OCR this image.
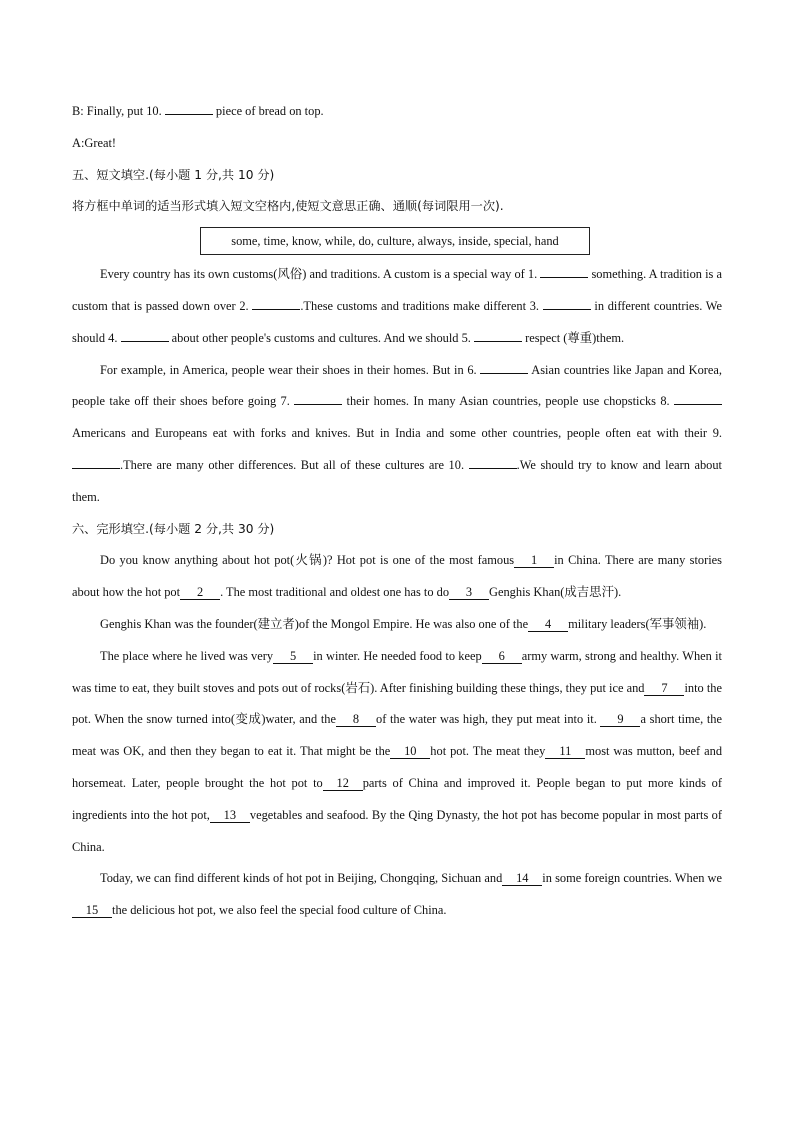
B: Finally, put 10.	piece of bread on top.

A:Great!

五、短文填空.(每小题 1 分,共 10 分)

将方框中单词的适当形式填入短文空格内,使短文意思正确、通顺(每词限用一次).

some, time, know, while, do, culture, always, inside, special, hand

Every country has its own customs(风俗) and traditions. A custom is a special way of 1.	something. A tradition is a custom that is passed down over 2.	.These customs and traditions make different 3.	in different countries. We should 4.	about other people's customs and cultures. And we should 5.	respect (尊重)them.

For example, in America, people wear their shoes in their homes. But in 6.	Asian countries like Japan and Korea, people take off their shoes before going 7.	their homes. In many Asian countries, people use chopsticks 8.  Americans and Europeans eat with forks and knives. But in India and some other countries, people often eat with their 9. .There are many other differences. But all of these cultures are 10.	.We should try to know and learn about them.

六、完形填空.(每小题 2 分,共 30 分)

Do you know anything about hot pot(火锅)? Hot pot is one of the most famous 1 in China. There are many stories about how the hot pot 2 . The most traditional and oldest one has to do 3 Genghis Khan(成吉思汗).

Genghis Khan was the founder(建立者)of the Mongol Empire. He was also one of the 4 military leaders(军事领袖).

The place where he lived was very 5 in winter. He needed food to keep 6 army warm, strong and healthy. When it was time to eat, they built stoves and pots out of rocks(岩石). After finishing building these things, they put ice and 7 into the pot. When the snow turned into(变成)water, and the 8 of the water was high, they put meat into it. 9 a short time, the meat was OK, and then they began to eat it. That might be the 10 hot pot. The meat they 11 most was mutton, beef and horsemeat. Later, people brought the hot pot to 12 parts of China and improved it. People began to put more kinds of ingredients into the hot pot, 13 vegetables and seafood. By the Qing Dynasty, the hot pot has become popular in most parts of China.

Today, we can find different kinds of hot pot in Beijing, Chongqing, Sichuan and 14 in some foreign countries. When we15 the delicious hot pot, we also feel the special food culture of China.
